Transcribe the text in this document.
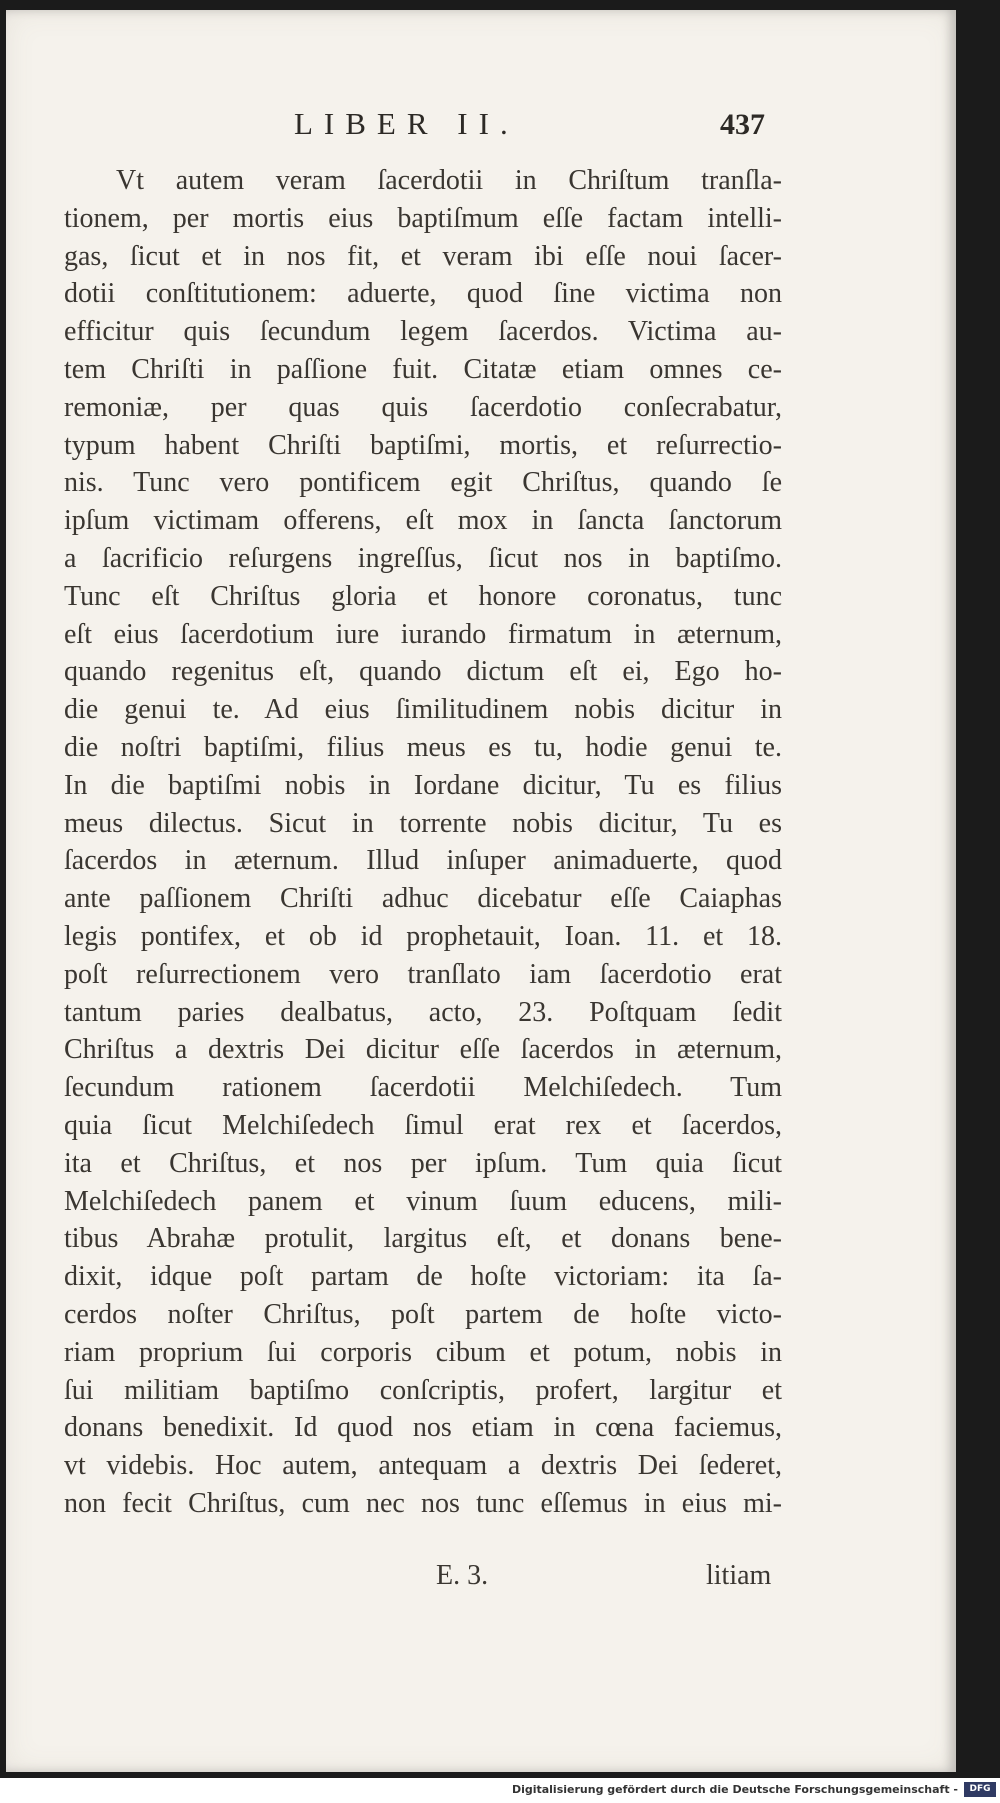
LIBER II.	437
Vt autem veram ſacerdotii in Chriſtum tranſla-
tionem, per mortis eius baptiſmum eſſe factam intelli-
gas, ſicut et in nos fit, et veram ibi eſſe noui ſacer-
dotii conſtitutionem: aduerte, quod ſine victima non
efficitur quis ſecundum legem ſacerdos. Victima au-
tem Chriſti in paſſione fuit. Citatæ etiam omnes ce-
remoniæ, per quas quis ſacerdotio conſecrabatur,
typum habent Chriſti baptiſmi, mortis, et reſurrectio-
nis. Tunc vero pontificem egit Chriſtus, quando ſe
ipſum victimam offerens, eſt mox in ſancta ſanctorum
a ſacrificio reſurgens ingreſſus, ſicut nos in baptiſmo.
Tunc eſt Chriſtus gloria et honore coronatus, tunc
eſt eius ſacerdotium iure iurando firmatum in æternum,
quando regenitus eſt, quando dictum eſt ei, Ego ho-
die genui te. Ad eius ſimilitudinem nobis dicitur in
die noſtri baptiſmi, filius meus es tu, hodie genui te.
In die baptiſmi nobis in Iordane dicitur, Tu es filius
meus dilectus. Sicut in torrente nobis dicitur, Tu es
ſacerdos in æternum. Illud inſuper animaduerte, quod
ante paſſionem Chriſti adhuc dicebatur eſſe Caiaphas
legis pontifex, et ob id prophetauit, Ioan. 11. et 18.
poſt reſurrectionem vero tranſlato iam ſacerdotio erat
tantum paries dealbatus, acto, 23. Poſtquam ſedit
Chriſtus a dextris Dei dicitur eſſe ſacerdos in æternum,
ſecundum rationem ſacerdotii Melchiſedech. Tum
quia ſicut Melchiſedech ſimul erat rex et ſacerdos,
ita et Chriſtus, et nos per ipſum. Tum quia ſicut
Melchiſedech panem et vinum ſuum educens, mili-
tibus Abrahæ protulit, largitus eſt, et donans bene-
dixit, idque poſt partam de hoſte victoriam: ita ſa-
cerdos noſter Chriſtus, poſt partem de hoſte victo-
riam proprium ſui corporis cibum et potum, nobis in
ſui militiam baptiſmo conſcriptis, profert, largitur et
donans benedixit. Id quod nos etiam in cœna faciemus,
vt videbis. Hoc autem, antequam a dextris Dei ſederet,
non fecit Chriſtus, cum nec nos tunc eſſemus in eius mi-
E. 3.	litiam
Digitalisierung gefördert durch die Deutsche Forschungsgemeinschaft -	DFG
